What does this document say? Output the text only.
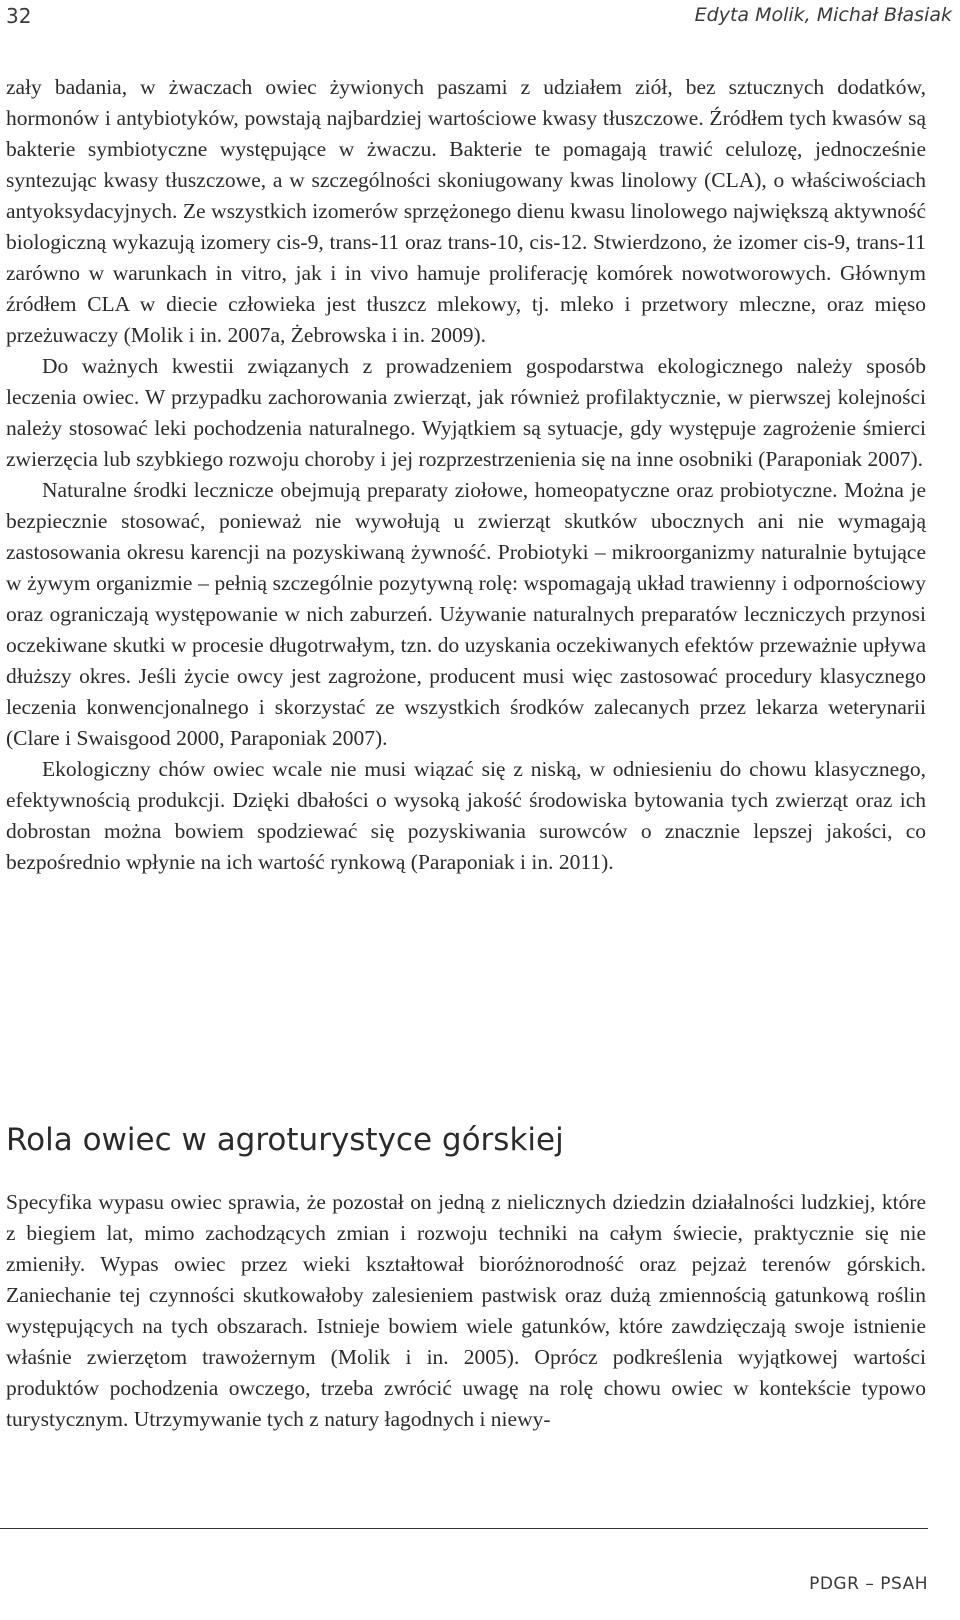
32	Edyta Molik, Michał Błasiak

zały badania, w żwaczach owiec żywionych paszami z udziałem ziół, bez sztucznych dodatków, hormonów i antybiotyków, powstają najbardziej wartościowe kwasy tłuszczowe. Źródłem tych kwasów są bakterie symbiotyczne występujące w żwaczu. Bakterie te pomagają trawić celulozę, jednocześnie syntezując kwasy tłuszczowe, a w szczególności skoniugowany kwas linolowy (CLA), o właściwościach antyoksydacyjnych. Ze wszystkich izomerów sprzężonego dienu kwasu linolowego największą aktywność biologiczną wykazują izomery cis-9, trans-11 oraz trans-10, cis-12. Stwierdzono, że izomer cis-9, trans-11 zarówno w warunkach in vitro, jak i in vivo hamuje proliferację komórek nowotworowych. Głównym źródłem CLA w diecie człowieka jest tłuszcz mlekowy, tj. mleko i przetwory mleczne, oraz mięso przeżuwaczy (Molik i in. 2007a, Żebrowska i in. 2009).

Do ważnych kwestii związanych z prowadzeniem gospodarstwa ekologicznego należy sposób leczenia owiec. W przypadku zachorowania zwierząt, jak również profilaktycznie, w pierwszej kolejności należy stosować leki pochodzenia naturalnego. Wyjątkiem są sytuacje, gdy występuje zagrożenie śmierci zwierzęcia lub szybkiego rozwoju choroby i jej rozprzestrzenienia się na inne osobniki (Paraponiak 2007).

Naturalne środki lecznicze obejmują preparaty ziołowe, homeopatyczne oraz probiotyczne. Można je bezpiecznie stosować, ponieważ nie wywołują u zwierząt skutków ubocznych ani nie wymagają zastosowania okresu karencji na pozyskiwaną żywność. Probiotyki – mikroorganizmy naturalnie bytujące w żywym organizmie – pełnią szczególnie pozytywną rolę: wspomagają układ trawienny i odpornościowy oraz ograniczają występowanie w nich zaburzeń. Używanie naturalnych preparatów leczniczych przynosi oczekiwane skutki w procesie długotrwałym, tzn. do uzyskania oczekiwanych efektów przeważnie upływa dłuższy okres. Jeśli życie owcy jest zagrożone, producent musi więc zastosować procedury klasycznego leczenia konwencjonalnego i skorzystać ze wszystkich środków zalecanych przez lekarza weterynarii (Clare i Swaisgood 2000, Paraponiak 2007).

Ekologiczny chów owiec wcale nie musi wiązać się z niską, w odniesieniu do chowu klasycznego, efektywnością produkcji. Dzięki dbałości o wysoką jakość środowiska bytowania tych zwierząt oraz ich dobrostan można bowiem spodziewać się pozyskiwania surowców o znacznie lepszej jakości, co bezpośrednio wpłynie na ich wartość rynkową (Paraponiak i in. 2011).

Rola owiec w agroturystyce górskiej

Specyfika wypasu owiec sprawia, że pozostał on jedną z nielicznych dziedzin działalności ludzkiej, które z biegiem lat, mimo zachodzących zmian i rozwoju techniki na całym świecie, praktycznie się nie zmieniły. Wypas owiec przez wieki kształtował bioróżnorodność oraz pejzaż terenów górskich. Zaniechanie tej czynności skutkowałoby zalesieniem pastwisk oraz dużą zmiennością gatunkową roślin występujących na tych obszarach. Istnieje bowiem wiele gatunków, które zawdzięczają swoje istnienie właśnie zwierzętom trawożernym (Molik i in. 2005). Oprócz podkreślenia wyjątkowej wartości produktów pochodzenia owczego, trzeba zwrócić uwagę na rolę chowu owiec w kontekście typowo turystycznym. Utrzymywanie tych z natury łagodnych i niewy-

PDGR – PSAH
